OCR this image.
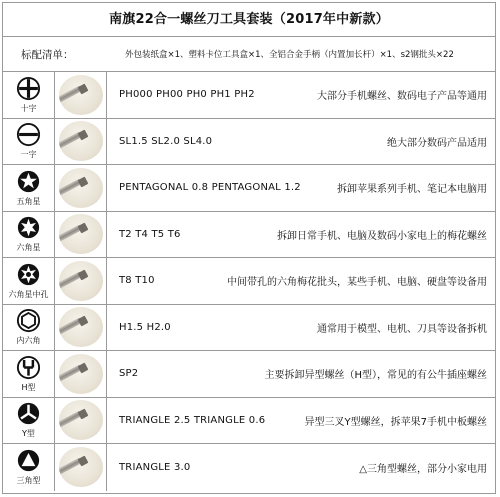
南旗22合一螺丝刀工具套装（2017年中新款）
标配清单：	外包装纸盒×1、塑料卡位工具盒×1、全铝合金手柄（内置加长杆）×1、s2钢批头×22
十字
PH000 PH00 PH0 PH1 PH2	大部分手机螺丝、数码电子产品等通用
一字
SL1.5 SL2.0 SL4.0	绝大部分数码产品适用
五角星
PENTAGONAL 0.8 PENTAGONAL 1.2	拆卸苹果系列手机、笔记本电脑用
六角星
T2 T4 T5 T6	拆卸日常手机、电脑及数码小家电上的梅花螺丝
六角星中孔
T8 T10	中间带孔的六角梅花批头，某些手机、电脑、硬盘等设备用
内六角
H1.5 H2.0	通常用于模型、电机、刀具等设备拆机
H型
SP2	主要拆卸异型螺丝（H型），常见的有公牛插座螺丝
Y型
TRIANGLE 2.5 TRIANGLE 0.6	异型三叉Y型螺丝，拆苹果7手机中板螺丝
三角型
TRIANGLE 3.0	△三角型螺丝，部分小家电用
